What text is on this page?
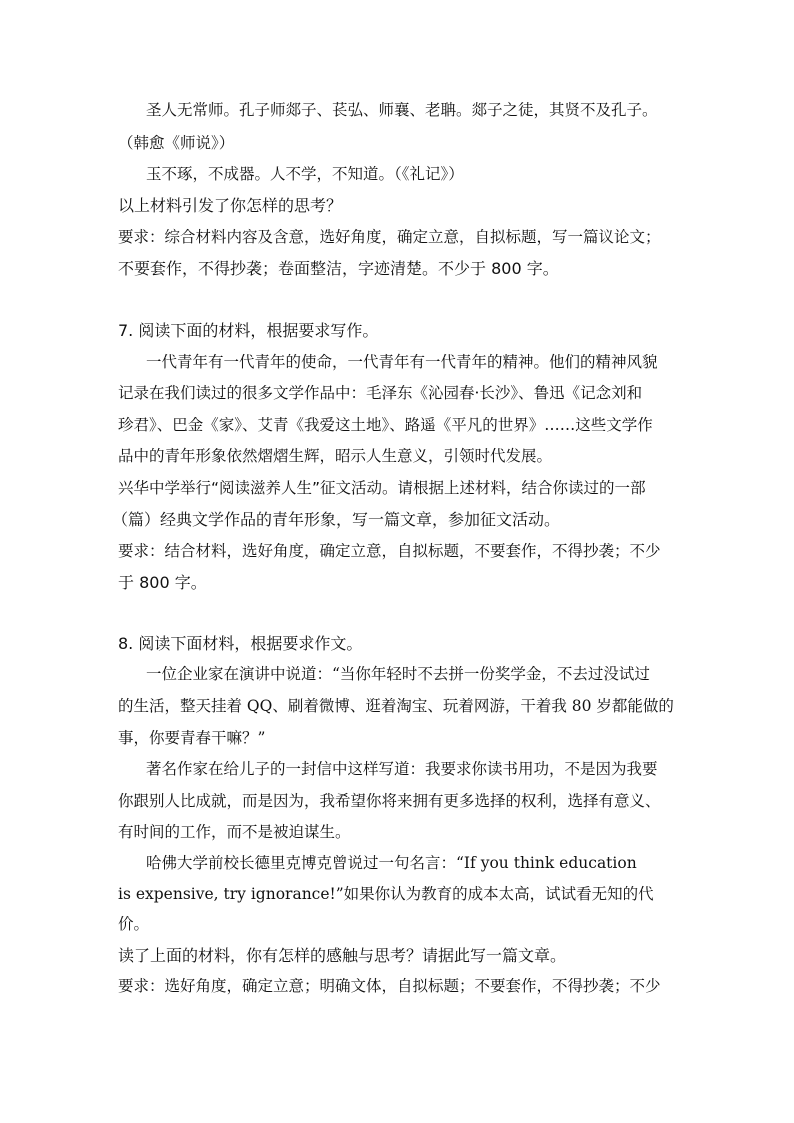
圣人无常师。孔子师郯子、苌弘、师襄、老聃。郯子之徒，其贤不及孔子。
（韩愈《师说》）
玉不琢，不成器。人不学，不知道。（《礼记》）
以上材料引发了你怎样的思考？
要求：综合材料内容及含意，选好角度，确定立意，自拟标题，写一篇议论文；
不要套作，不得抄袭；卷面整洁，字迹清楚。不少于 800 字。
7. 阅读下面的材料，根据要求写作。
一代青年有一代青年的使命，一代青年有一代青年的精神。他们的精神风貌
记录在我们读过的很多文学作品中：毛泽东《沁园春·长沙》、鲁迅《记念刘和
珍君》、巴金《家》、艾青《我爱这土地》、路遥《平凡的世界》……这些文学作
品中的青年形象依然熠熠生辉，昭示人生意义，引领时代发展。
兴华中学举行“阅读滋养人生”征文活动。请根据上述材料，结合你读过的一部
（篇）经典文学作品的青年形象，写一篇文章，参加征文活动。
要求：结合材料，选好角度，确定立意，自拟标题，不要套作，不得抄袭；不少
于 800 字。
8. 阅读下面材料，根据要求作文。
一位企业家在演讲中说道：“当你年轻时不去拼一份奖学金，不去过没试过
的生活，整天挂着 QQ、刷着微博、逛着淘宝、玩着网游，干着我 80 岁都能做的
事，你要青春干嘛？”
著名作家在给儿子的一封信中这样写道：我要求你读书用功，不是因为我要
你跟别人比成就，而是因为，我希望你将来拥有更多选择的权利，选择有意义、
有时间的工作，而不是被迫谋生。
哈佛大学前校长德里克博克曾说过一句名言：“If you think education
is expensive, try ignorance!”如果你认为教育的成本太高，试试看无知的代
价。
读了上面的材料，你有怎样的感触与思考？请据此写一篇文章。
要求：选好角度，确定立意；明确文体，自拟标题；不要套作，不得抄袭；不少
